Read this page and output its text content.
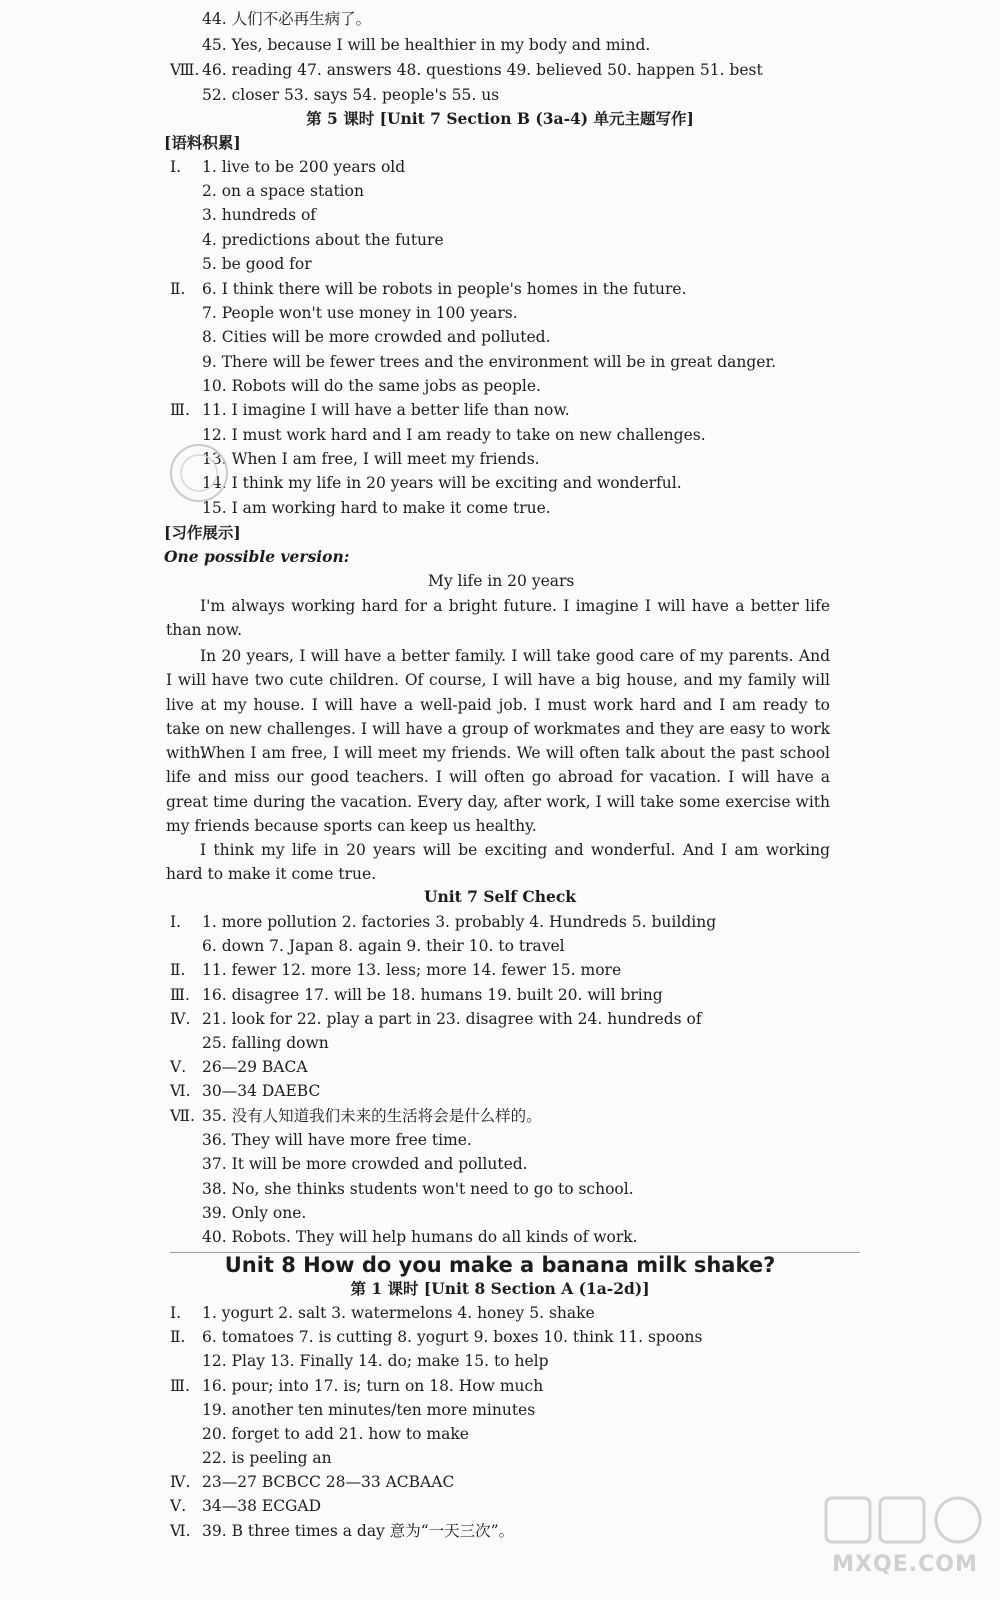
44. 人们不必再生病了。
45. Yes, because I will be healthier in my body and mind.
Ⅷ. 46. reading 47. answers 48. questions 49. believed 50. happen 51. best
52. closer 53. says 54. people's 55. us
第 5 课时 [Unit 7 Section B (3a-4) 单元主题写作]
[语料积累]
Ⅰ.	1. live to be 200 years old
2. on a space station
3. hundreds of
4. predictions about the future
5. be good for
Ⅱ.	6. I think there will be robots in people's homes in the future.
7. People won't use money in 100 years.
8. Cities will be more crowded and polluted.
9. There will be fewer trees and the environment will be in great danger.
10. Robots will do the same jobs as people.
Ⅲ. 11. I imagine I will have a better life than now.
12. I must work hard and I am ready to take on new challenges.
13. When I am free, I will meet my friends.
14. I think my life in 20 years will be exciting and wonderful.
15. I am working hard to make it come true.
[习作展示]
One possible version:
My life in 20 years
I'm always working hard for a bright future. I imagine I will have a better life than now.
In 20 years, I will have a better family. I will take good care of my parents. And I will have two cute children. Of course, I will have a big house, and my family will live at my house. I will have a well-paid job. I must work hard and I am ready to take on new challenges. I will have a group of workmates and they are easy to work with.
When I am free, I will meet my friends. We will often talk about the past school life and miss our good teachers. I will often go abroad for vacation. I will have a great time during the vacation. Every day, after work, I will take some exercise with my friends because sports can keep us healthy.
I think my life in 20 years will be exciting and wonderful. And I am working hard to make it come true.
Unit 7 Self Check
Ⅰ.	1. more pollution 2. factories 3. probably 4. Hundreds 5. building
6. down 7. Japan 8. again 9. their 10. to travel
Ⅱ.	11. fewer 12. more 13. less; more 14. fewer 15. more
Ⅲ. 16. disagree 17. will be 18. humans 19. built 20. will bring
Ⅳ. 21. look for 22. play a part in 23. disagree with 24. hundreds of
25. falling down
Ⅴ.	26—29 BACA
Ⅵ. 30—34 DAEBC
Ⅶ. 35. 没有人知道我们未来的生活将会是什么样的。
36. They will have more free time.
37. It will be more crowded and polluted.
38. No, she thinks students won't need to go to school.
39. Only one.
40. Robots. They will help humans do all kinds of work.
Unit 8 How do you make a banana milk shake?
第 1 课时 [Unit 8 Section A (1a-2d)]
Ⅰ.	1. yogurt 2. salt 3. watermelons 4. honey 5. shake
Ⅱ.	6. tomatoes 7. is cutting 8. yogurt 9. boxes 10. think 11. spoons
12. Play 13. Finally 14. do; make 15. to help
Ⅲ. 16. pour; into 17. is; turn on 18. How much
19. another ten minutes/ten more minutes
20. forget to add 21. how to make
22. is peeling an
Ⅳ. 23—27 BCBCC 28—33 ACBAAC
Ⅴ.	34—38 ECGAD
Ⅵ. 39. B three times a day 意为“一天三次”。
MXQE.COM
